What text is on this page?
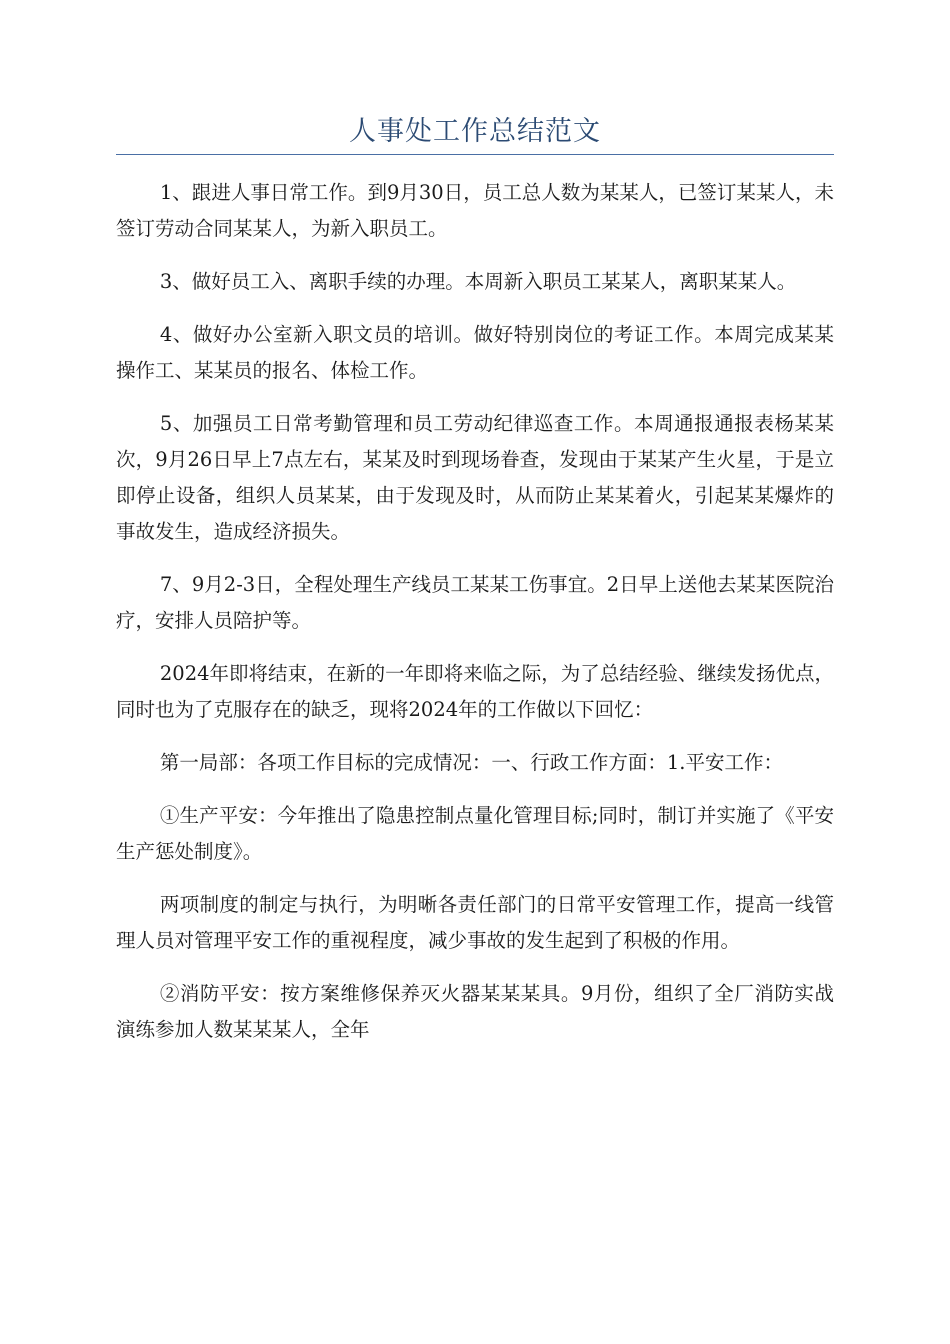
人事处工作总结范文

1、跟进人事日常工作。到9月30日，员工总人数为某某人，已签订某某人，未签订劳动合同某某人，为新入职员工。

3、做好员工入、离职手续的办理。本周新入职员工某某人，离职某某人。

4、做好办公室新入职文员的培训。做好特别岗位的考证工作。本周完成某某操作工、某某员的报名、体检工作。

5、加强员工日常考勤管理和员工劳动纪律巡查工作。本周通报通报表杨某某次，9月26日早上7点左右，某某及时到现场眷查，发现由于某某产生火星，于是立即停止设备，组织人员某某，由于发现及时，从而防止某某着火，引起某某爆炸的事故发生，造成经济损失。

7、9月2-3日，全程处理生产线员工某某工伤事宜。2日早上送他去某某医院治疗，安排人员陪护等。

2024年即将结束，在新的一年即将来临之际，为了总结经验、继续发扬优点，同时也为了克服存在的缺乏，现将2024年的工作做以下回忆：

第一局部：各项工作目标的完成情况：一、行政工作方面：1.平安工作：

①生产平安：今年推出了隐患控制点量化管理目标;同时，制订并实施了《平安生产惩处制度》。

两项制度的制定与执行，为明晰各责任部门的日常平安管理工作，提高一线管理人员对管理平安工作的重视程度，减少事故的发生起到了积极的作用。

②消防平安：按方案维修保养灭火器某某某具。9月份，组织了全厂消防实战演练参加人数某某某人，全年
